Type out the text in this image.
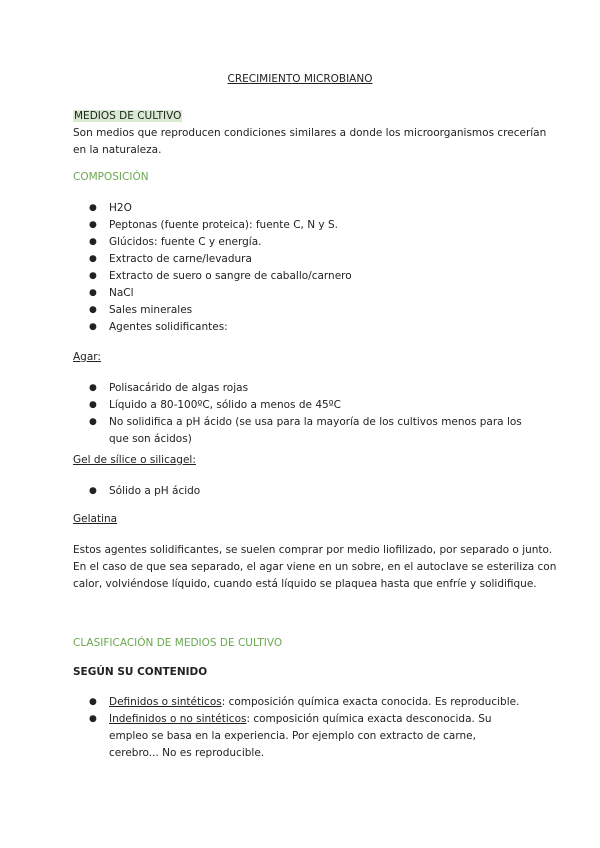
CRECIMIENTO MICROBIANO

MEDIOS DE CULTIVO

Son medios que reproducen condiciones similares a donde los microorganismos crecerían

en la naturaleza.

COMPOSICIÓN
● H2O
● Peptonas (fuente proteica): fuente C, N y S.
● Glúcidos: fuente C y energía.
● Extracto de carne/levadura
● Extracto de suero o sangre de caballo/carnero
● NaCl
● Sales minerales
● Agentes solidificantes:
Agar:
● Polisacárido de algas rojas
● Líquido a 80-100ºC, sólido a menos de 45ºC
● No solidifica a pH ácido (se usa para la mayoría de los cultivos menos para los que son ácidos)
Gel de sílice o silicagel:
● Sólido a pH ácido
Gelatina

Estos agentes solidificantes, se suelen comprar por medio liofilizado, por separado o junto.

En el caso de que sea separado, el agar viene en un sobre, en el autoclave se esteriliza con

calor, volviéndose líquido, cuando está líquido se plaquea hasta que enfríe y solidifique.

CLASIFICACIÓN DE MEDIOS DE CULTIVO
SEGÚN SU CONTENIDO
● Definidos o sintéticos: composición química exacta conocida. Es reproducible.
● Indefinidos o no sintéticos: composición química exacta desconocida. Su empleo se basa en la experiencia. Por ejemplo con extracto de carne, cerebro... No es reproducible.
